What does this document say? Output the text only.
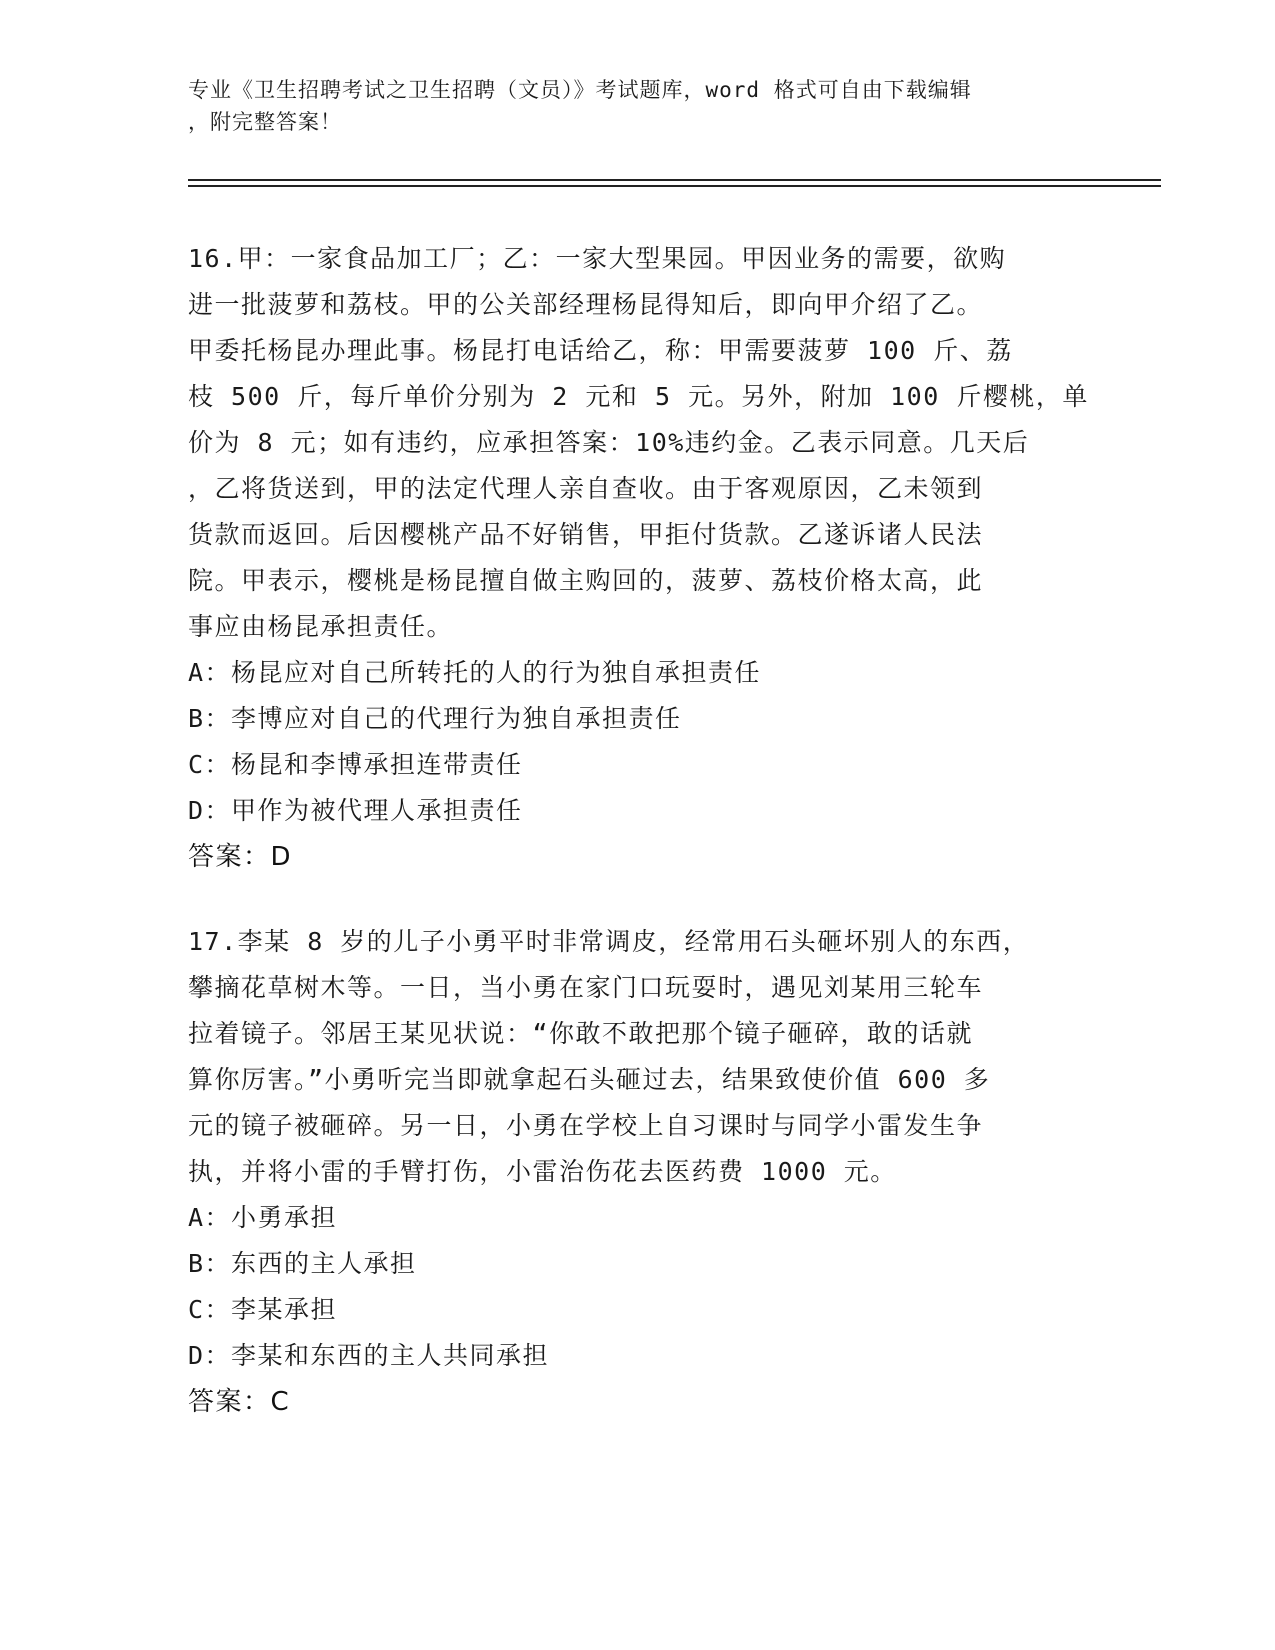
专业《卫生招聘考试之卫生招聘（文员）》考试题库，word 格式可自由下载编辑
，附完整答案！
16.甲：一家食品加工厂；乙：一家大型果园。甲因业务的需要，欲购
进一批菠萝和荔枝。甲的公关部经理杨昆得知后，即向甲介绍了乙。
甲委托杨昆办理此事。杨昆打电话给乙，称：甲需要菠萝 100 斤、荔
枝 500 斤，每斤单价分别为 2 元和 5 元。另外，附加 100 斤樱桃，单
价为 8 元；如有违约，应承担答案：10%违约金。乙表示同意。几天后
，乙将货送到，甲的法定代理人亲自查收。由于客观原因，乙未领到
货款而返回。后因樱桃产品不好销售，甲拒付货款。乙遂诉诸人民法
院。甲表示，樱桃是杨昆擅自做主购回的，菠萝、荔枝价格太高，此
事应由杨昆承担责任。
A：杨昆应对自己所转托的人的行为独自承担责任
B：李博应对自己的代理行为独自承担责任
C：杨昆和李博承担连带责任
D：甲作为被代理人承担责任
答案：D
17.李某 8 岁的儿子小勇平时非常调皮，经常用石头砸坏别人的东西，
攀摘花草树木等。一日，当小勇在家门口玩耍时，遇见刘某用三轮车
拉着镜子。邻居王某见状说：“你敢不敢把那个镜子砸碎，敢的话就
算你厉害。”小勇听完当即就拿起石头砸过去，结果致使价值 600 多
元的镜子被砸碎。另一日，小勇在学校上自习课时与同学小雷发生争
执，并将小雷的手臂打伤，小雷治伤花去医药费 1000 元。
A：小勇承担
B：东西的主人承担
C：李某承担
D：李某和东西的主人共同承担
答案：C
